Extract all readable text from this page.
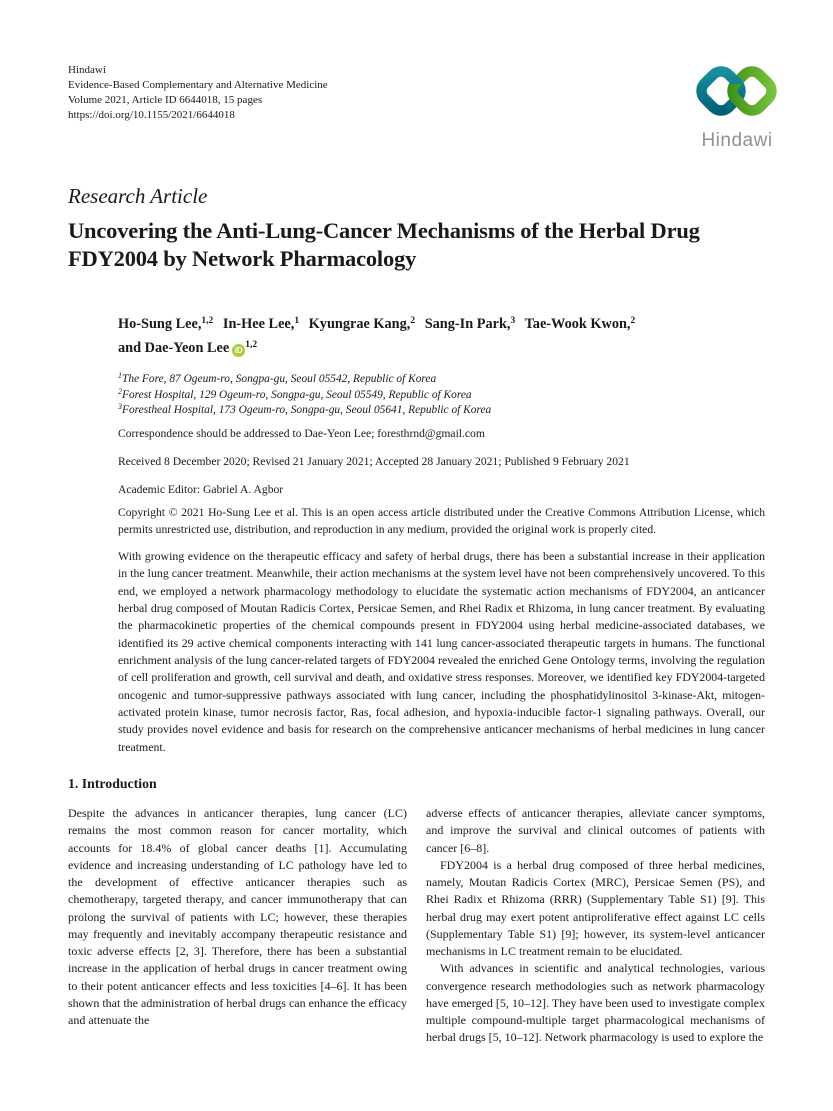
Hindawi
Evidence-Based Complementary and Alternative Medicine
Volume 2021, Article ID 6644018, 15 pages
https://doi.org/10.1155/2021/6644018
Hindawi
Research Article
Uncovering the Anti-Lung-Cancer Mechanisms of the Herbal Drug FDY2004 by Network Pharmacology
Ho-Sung Lee,$^{1,2}$ In-Hee Lee,$^1$ Kyungrae Kang,$^2$ Sang-In Park,$^3$ Tae-Wook Kwon,$^2$
and Dae-Yeon Lee iD$^{1,2}$
$^1$The Fore, 87 Ogeum-ro, Songpa-gu, Seoul 05542, Republic of Korea
$^2$Forest Hospital, 129 Ogeum-ro, Songpa-gu, Seoul 05549, Republic of Korea
$^3$Forestheal Hospital, 173 Ogeum-ro, Songpa-gu, Seoul 05641, Republic of Korea
Correspondence should be addressed to Dae-Yeon Lee; foresthrnd@gmail.com
Received 8 December 2020; Revised 21 January 2021; Accepted 28 January 2021; Published 9 February 2021
Academic Editor: Gabriel A. Agbor
Copyright © 2021 Ho-Sung Lee et al. This is an open access article distributed under the Creative Commons Attribution License, which permits unrestricted use, distribution, and reproduction in any medium, provided the original work is properly cited.
With growing evidence on the therapeutic efficacy and safety of herbal drugs, there has been a substantial increase in their application in the lung cancer treatment. Meanwhile, their action mechanisms at the system level have not been comprehensively uncovered. To this end, we employed a network pharmacology methodology to elucidate the systematic action mechanisms of FDY2004, an anticancer herbal drug composed of Moutan Radicis Cortex, Persicae Semen, and Rhei Radix et Rhizoma, in lung cancer treatment. By evaluating the pharmacokinetic properties of the chemical compounds present in FDY2004 using herbal medicine-associated databases, we identified its 29 active chemical components interacting with 141 lung cancer-associated therapeutic targets in humans. The functional enrichment analysis of the lung cancer-related targets of FDY2004 revealed the enriched Gene Ontology terms, involving the regulation of cell proliferation and growth, cell survival and death, and oxidative stress responses. Moreover, we identified key FDY2004-targeted oncogenic and tumor-suppressive pathways associated with lung cancer, including the phosphatidylinositol 3-kinase-Akt, mitogen-activated protein kinase, tumor necrosis factor, Ras, focal adhesion, and hypoxia-inducible factor-1 signaling pathways. Overall, our study provides novel evidence and basis for research on the comprehensive anticancer mechanisms of herbal medicines in lung cancer treatment.
1. Introduction

Despite the advances in anticancer therapies, lung cancer (LC) remains the most common reason for cancer mortality, which accounts for 18.4% of global cancer deaths [1]. Accumulating evidence and increasing understanding of LC pathology have led to the development of effective anticancer therapies such as chemotherapy, targeted therapy, and cancer immunotherapy that can prolong the survival of patients with LC; however, these therapies may frequently and inevitably accompany therapeutic resistance and toxic adverse effects [2, 3]. Therefore, there has been a substantial increase in the application of herbal drugs in cancer treatment owing to their potent anticancer effects and less toxicities [4–6]. It has been shown that the administration of herbal drugs can enhance the efficacy and attenuate the

adverse effects of anticancer therapies, alleviate cancer symptoms, and improve the survival and clinical outcomes of patients with cancer [6–8].

FDY2004 is a herbal drug composed of three herbal medicines, namely, Moutan Radicis Cortex (MRC), Persicae Semen (PS), and Rhei Radix et Rhizoma (RRR) (Supplementary Table S1) [9]. This herbal drug may exert potent antiproliferative effect against LC cells (Supplementary Table S1) [9]; however, its system-level anticancer mechanisms in LC treatment remain to be elucidated.

With advances in scientific and analytical technologies, various convergence research methodologies such as network pharmacology have emerged [5, 10–12]. They have been used to investigate complex multiple compound-multiple target pharmacological mechanisms of herbal drugs [5, 10–12]. Network pharmacology is used to explore the
